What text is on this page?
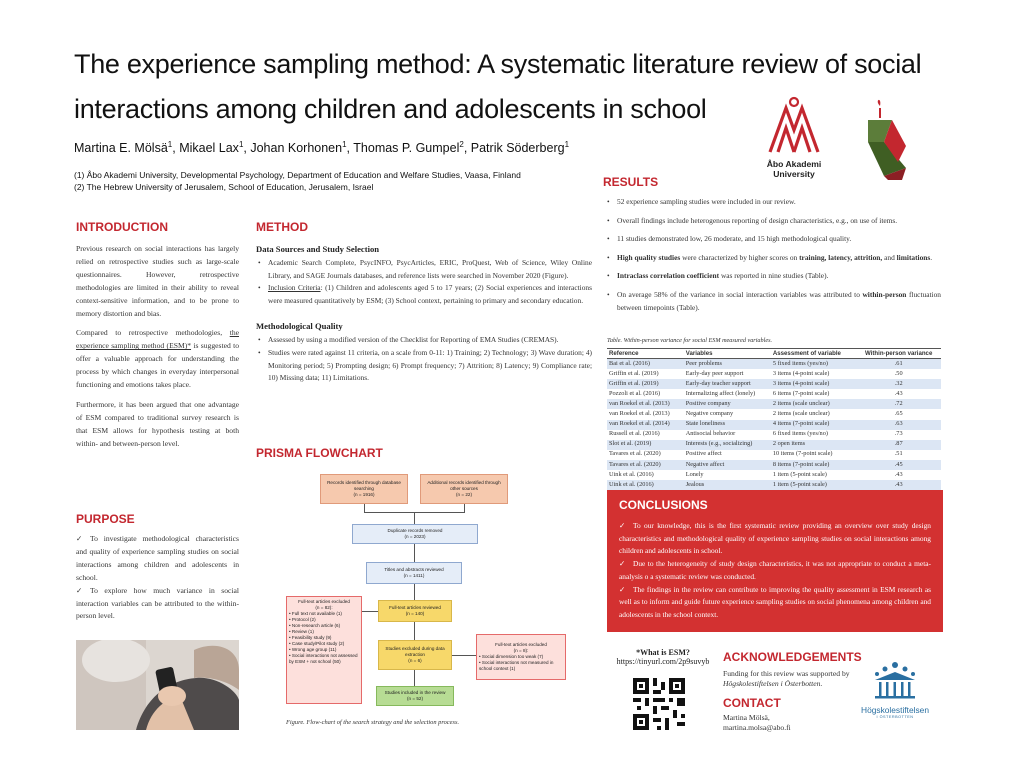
The experience sampling method: A systematic literature review of social interactions among children and adolescents in school
Martina E. Mölsä$^1$, Mikael Lax$^1$, Johan Korhonen$^1$, Thomas P. Gumpel$^2$, Patrik Söderberg$^1$
(1) Åbo Akademi University, Developmental Psychology, Department of Education and Welfare Studies, Vaasa, Finland
(2) The Hebrew University of Jerusalem, School of Education, Jerusalem, Israel
Åbo Akademi
University
INTRODUCTION

Previous research on social interactions has largely relied on retrospective studies such as large-scale questionnaires. However, retrospective methodologies are limited in their ability to reveal context-sensitive information, and to be prone to memory distortion and bias.

Compared to retrospective methodologies, the experience sampling method (ESM)* is suggested to offer a valuable approach for understanding the process by which changes in everyday interpersonal functioning and emotions takes place.

Furthermore, it has been argued that one advantage of ESM compared to traditional survey research is that ESM allows for hypothesis testing at both within- and between-person level.

PURPOSE
✓ To investigate methodological characteristics and quality of experience sampling studies on social interactions among children and adolescents in school.
✓ To explore how much variance in social interaction variables can be attributed to the within-person level.
METHOD
Data Sources and Study Selection
• Academic Search Complete, PsycINFO, PsycArticles, ERIC, ProQuest, Web of Science, Wiley Online Library, and SAGE Journals databases, and reference lists were searched in November 2020 (Figure).
• Inclusion Criteria: (1) Children and adolescents aged 5 to 17 years; (2) Social experiences and interactions were measured quantitatively by ESM; (3) School context, pertaining to primary and secondary education.
Methodological Quality
• Assessed by using a modified version of the Checklist for Reporting of EMA Studies (CREMAS).
• Studies were rated against 11 criteria, on a scale from 0-11: 1) Training; 2) Technology; 3) Wave duration; 4) Monitoring period; 5) Prompting design; 6) Prompt frequency; 7) Attrition; 8) Latency; 9) Compliance rate; 10) Missing data; 11) Limitations.
PRISMA FLOWCHART
Records identified through database searching
(n = 1916)
Additional records identified through other sources
(n = 22)
Duplicate records removed
(n = 2023)
Titles and abstracts reviewed
(n = 1411)
Full-text articles excluded
(n = 82):
• Full text not available (1)
• Protocol (2)
• Non-research article (6)
• Review (1)
• Feasibility study (9)
• Case study/Pilot study (2)
• Wrong age group (11)
• Social interactions not assessed by ESM + not school (50)
Full-text articles reviewed
(n = 140)
Studies excluded during data extraction
(n = 6)
Full-text articles excluded
(n = 8):
• Social dimension too weak (7)
• Social interactions not measured in school context (1)
Studies included in the review
(n = 52)
Figure. Flow-chart of the search strategy and the selection process.
RESULTS
• 52 experience sampling studies were included in our review.
• Overall findings include heterogenous reporting of design characteristics, e.g., on use of items.
• 11 studies demonstrated low, 26 moderate, and 15 high methodological quality.
• High quality studies were characterized by higher scores on training, latency, attrition, and limitations.
• Intraclass correlation coefficient was reported in nine studies (Table).
• On average 58% of the variance in social interaction variables was attributed to within-person fluctuation between timepoints (Table).
Table. Within-person variance for social ESM measured variables.
Reference	Variables	Assessment of variable	Within-person variance
Bai et al. (2016)	Peer problems	5 fixed items (yes/no)	.61
Griffin et al. (2019)	Early-day peer support	3 items (4-point scale)	.50
Griffin et al. (2019)	Early-day teacher support	3 items (4-point scale)	.32
Pozzoli et al. (2016)	Internalizing affect (lonely)	6 items (7-point scale)	.43
van Roekel et al. (2013)	Positive company	2 items (scale unclear)	.72
van Roekel et al. (2013)	Negative company	2 items (scale unclear)	.65
van Roekel et al. (2014)	State loneliness	4 items (7-point scale)	.63
Russell et al. (2016)	Antisocial behavior	6 fixed items (yes/no)	.73
Slot et al. (2019)	Interests (e.g., socializing)	2 open items	.87
Tavares et al. (2020)	Positive affect	10 items (7-point scale)	.51
Tavares et al. (2020)	Negative affect	8 items (7-point scale)	.45
Uink et al. (2016)	Lonely	1 item (5-point scale)	.43
Uink et al. (2016)	Jealous	1 item (5-point scale)	.43
CONCLUSIONS
✓ To our knowledge, this is the first systematic review providing an overview over study design characteristics and methodological quality of experience sampling studies on social interactions among children and adolescents in school.
✓ Due to the heterogeneity of study design characteristics, it was not appropriate to conduct a meta-analysis o a systematic review was conducted.
✓ The findings in the review can contribute to improving the quality assessment in ESM research as well as to inform and guide future experience sampling studies on social phenomena among children and adolescents in the school context.
*What is ESM?
https://tinyurl.com/2p9suvyb	ACKNOWLEDGEMENTS
Funding for this review was supported by Högskolestiftelsen i Österbotten.
CONTACT
Martina Mölsä,
martina.molsa@abo.fi
Högskolestiftelsen
I ÖSTERBOTTEN
